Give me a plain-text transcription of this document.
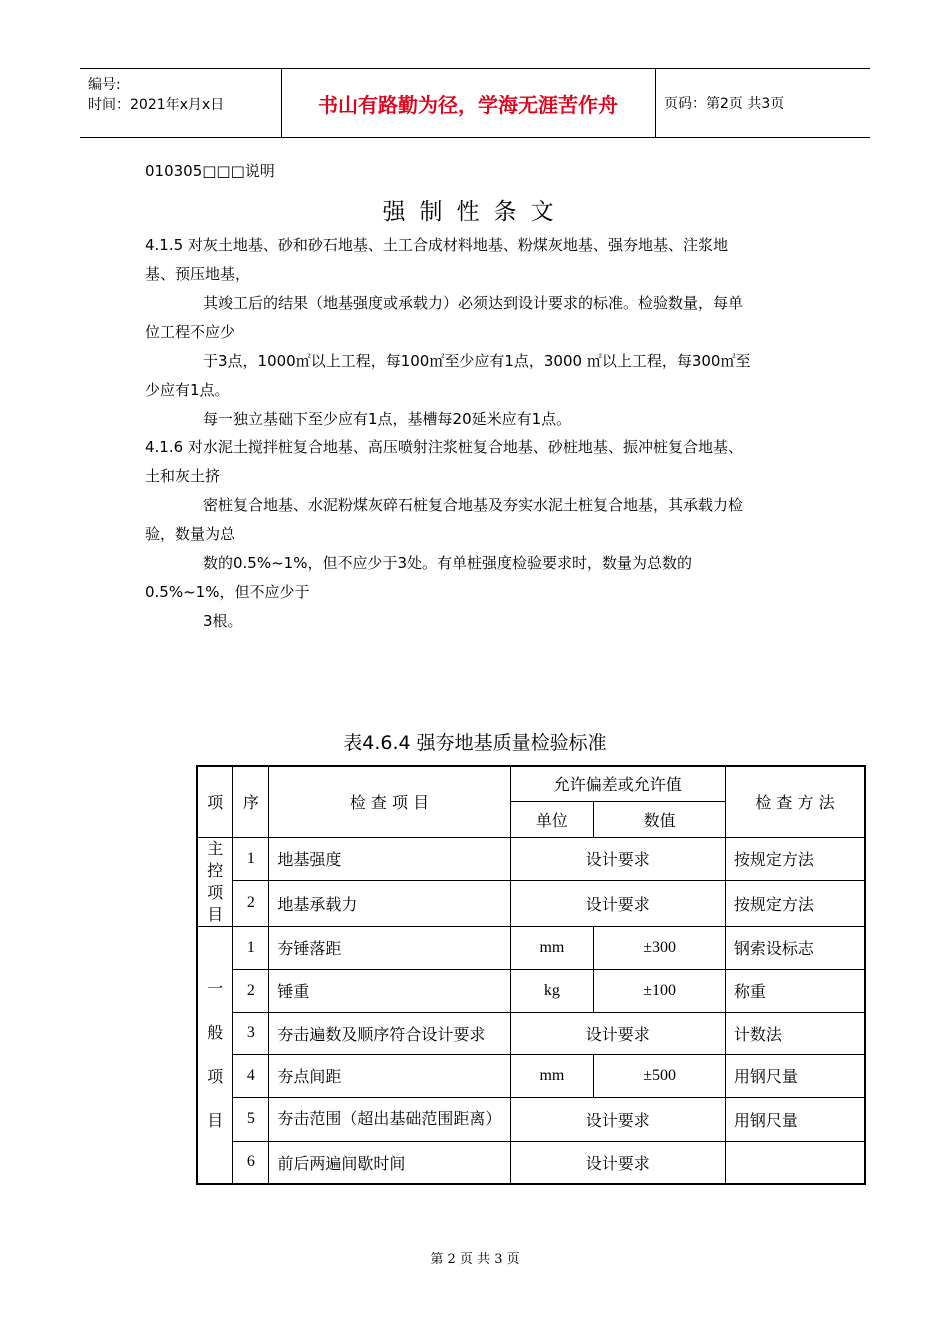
编号:
时间：2021年x月x日	书山有路勤为径，学海无涯苦作舟	页码：第2页 共3页
010305□□□说明
强制性条文
4.1.5 对灰土地基、砂和砂石地基、土工合成材料地基、粉煤灰地基、强夯地基、注浆地
基、预压地基，
其竣工后的结果（地基强度或承载力）必须达到设计要求的标准。检验数量，每单
位工程不应少
于3点，1000㎡以上工程，每100㎡至少应有1点，3000 ㎡以上工程，每300㎡至
少应有1点。
每一独立基础下至少应有1点，基槽每20延米应有1点。
4.1.6 对水泥土搅拌桩复合地基、高压喷射注浆桩复合地基、砂桩地基、振冲桩复合地基、
土和灰土挤
密桩复合地基、水泥粉煤灰碎石桩复合地基及夯实水泥土桩复合地基，其承载力检
验，数量为总
数的0.5%~1%，但不应少于3处。有单桩强度检验要求时，数量为总数的
0.5%~1%，但不应少于
3根。
表4.6.4 强夯地基质量检验标准
项	序	检 查 项 目	允许偏差或允许值		检 查 方 法
			单位	数值	
主
控
项
目	1	地基强度	设计要求		按规定方法
	2	地基承载力	设计要求		按规定方法
一

般

项

目	1	夯锤落距	mm	±300	钢索设标志
	2	锤重	kg	±100	称重
	3	夯击遍数及顺序符合设计要求	设计要求		计数法
	4	夯点间距	mm	±500	用钢尺量
	5	夯击范围（超出基础范围距离）	设计要求		用钢尺量
	6	前后两遍间歇时间	设计要求		
第 2 页 共 3 页
